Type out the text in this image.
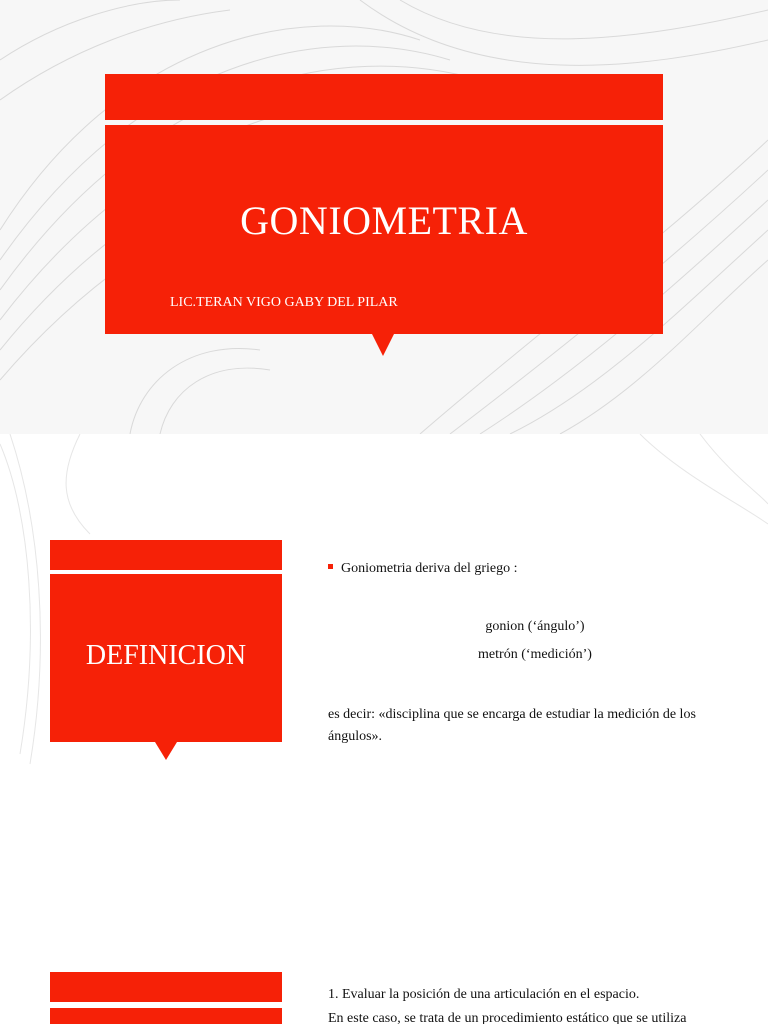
GONIOMETRIA
LIC.TERAN VIGO GABY DEL PILAR
DEFINICION
Goniometria deriva del griego :
gonion (‘ángulo’)
metrón (‘medición’)
es decir: «disciplina que se encarga de estudiar la medición de los ángulos».
1. Evaluar la posición de una articulación en el espacio.
En este caso, se trata de un procedimiento estático que se utiliza
